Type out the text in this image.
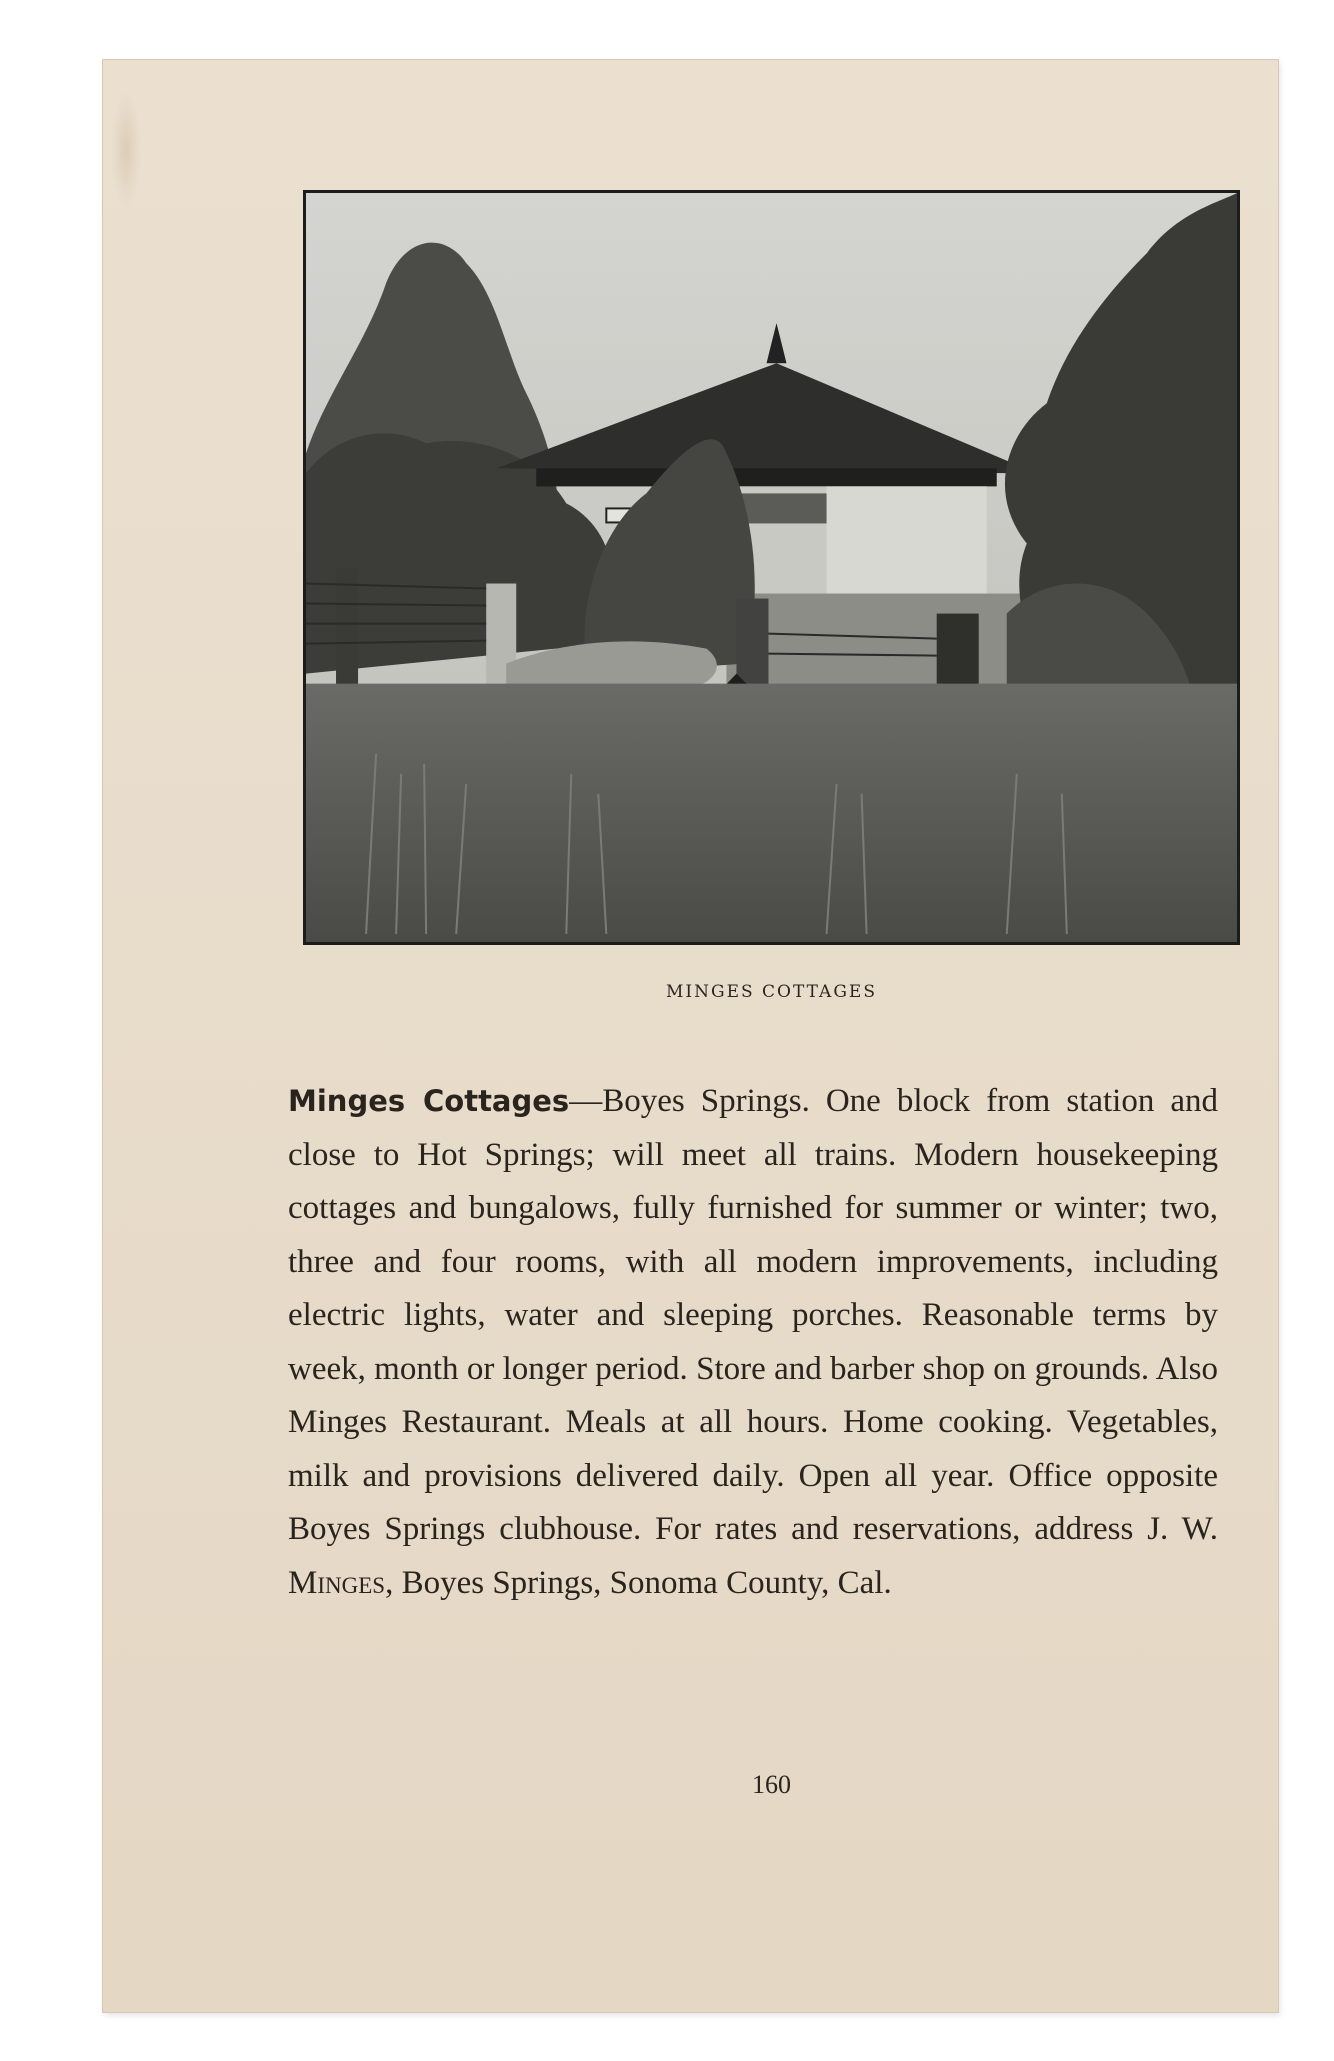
MINGES COTTAGES

Minges Cottages—Boyes Springs. One block from station and close to Hot Springs; will meet all trains. Modern housekeeping cottages and bungalows, fully furnished for summer or winter; two, three and four rooms, with all modern improvements, including electric lights, water and sleeping porches. Reasonable terms by week, month or longer period. Store and barber shop on grounds. Also Minges Restaurant. Meals at all hours. Home cooking. Vegetables, milk and provisions delivered daily. Open all year. Office opposite Boyes Springs clubhouse. For rates and reservations, address J. W. Minges, Boyes Springs, Sonoma County, Cal.

160
